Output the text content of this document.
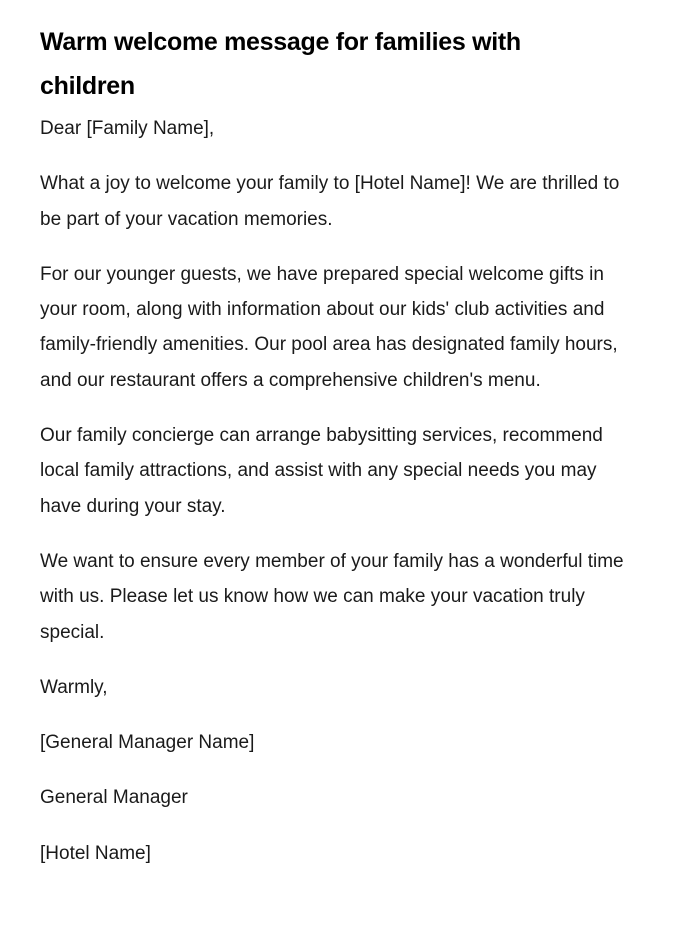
Warm welcome message for families with children

Dear [Family Name],

What a joy to welcome your family to [Hotel Name]! We are thrilled to be part of your vacation memories.

For our younger guests, we have prepared special welcome gifts in your room, along with information about our kids' club activities and family-friendly amenities. Our pool area has designated family hours, and our restaurant offers a comprehensive children's menu.

Our family concierge can arrange babysitting services, recommend local family attractions, and assist with any special needs you may have during your stay.

We want to ensure every member of your family has a wonderful time with us. Please let us know how we can make your vacation truly special.

Warmly,

[General Manager Name]

General Manager

[Hotel Name]
